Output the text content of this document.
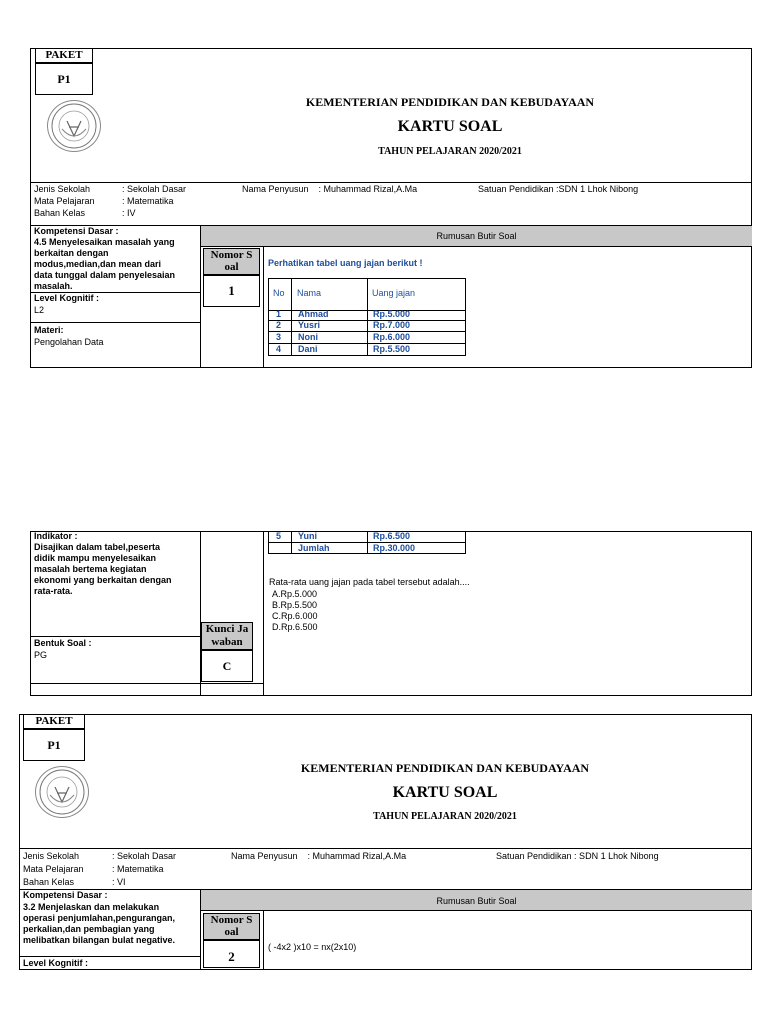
PAKET
P1
KEMENTERIAN PENDIDIKAN DAN KEBUDAYAAN
KARTU SOAL
TAHUN PELAJARAN 2020/2021
Jenis Sekolah	: Sekolah Dasar
Mata Pelajaran	: Matematika
Bahan Kelas	: IV
Nama Penyusun    : Muhammad Rizal,A.Ma	Satuan Pendidikan :SDN 1 Lhok Nibong
Rumusan Butir Soal
Kompetensi Dasar :
4.5 Menyelesaikan masalah yang
berkaitan dengan
modus,median,dan mean dari
data tunggal dalam penyelesaian
masalah.
Level Kognitif :
L2
Materi:
Pengolahan Data
Nomor S
oal
1
Perhatikan tabel uang jajan berikut !
No Nama	Uang jajan
1 Ahmad	Rp.5.000
2 Yusri	Rp.7.000
3 Noni	Rp.6.000
4 Dani	Rp.5.500
Indikator :
Disajikan dalam tabel,peserta
didik mampu menyelesaikan
masalah bertema kegiatan
ekonomi yang berkaitan dengan
rata-rata.
Bentuk Soal :
PG
Kunci Ja
waban
C
5 Yuni	Rp.6.500
Jumlah	Rp.30.000
Rata-rata uang jajan pada tabel tersebut adalah....
A.Rp.5.000
B.Rp.5.500
C.Rp.6.000
D.Rp.6.500
PAKET
P1
KEMENTERIAN PENDIDIKAN DAN KEBUDAYAAN
KARTU SOAL
TAHUN PELAJARAN 2020/2021
Jenis Sekolah	: Sekolah Dasar
Mata Pelajaran	: Matematika
Bahan Kelas	: VI
Nama Penyusun    : Muhammad Rizal,A.Ma	Satuan Pendidikan : SDN 1 Lhok Nibong
Rumusan Butir Soal
Kompetensi Dasar :
3.2 Menjelaskan dan melakukan
operasi penjumlahan,pengurangan,
perkalian,dan pembagian yang
melibatkan bilangan bulat negative.
Level Kognitif :
Nomor S
oal
2
( -4x2 )x10 = nx(2x10)
